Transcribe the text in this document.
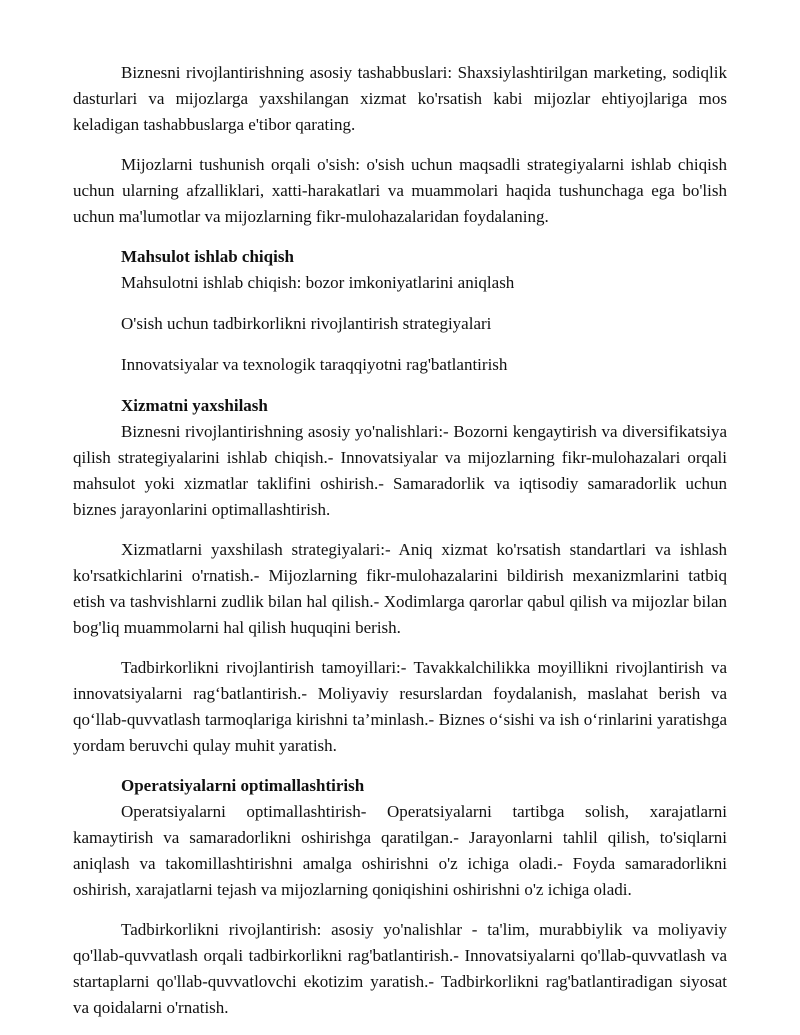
Biznesni rivojlantirishning asosiy tashabbuslari: Shaxsiylashtirilgan marketing, sodiqlik dasturlari va mijozlarga yaxshilangan xizmat ko'rsatish kabi mijozlar ehtiyojlariga mos keladigan tashabbuslarga e'tibor qarating.

Mijozlarni tushunish orqali o'sish: o'sish uchun maqsadli strategiyalarni ishlab chiqish uchun ularning afzalliklari, xatti-harakatlari va muammolari haqida tushunchaga ega bo'lish uchun ma'lumotlar va mijozlarning fikr-mulohazalaridan foydalaning.

Mahsulot ishlab chiqish
Mahsulotni ishlab chiqish: bozor imkoniyatlarini aniqlash
O'sish uchun tadbirkorlikni rivojlantirish strategiyalari
Innovatsiyalar va texnologik taraqqiyotni rag'batlantirish
Xizmatni yaxshilash

Biznesni rivojlantirishning asosiy yo'nalishlari:- Bozorni kengaytirish va diversifikatsiya qilish strategiyalarini ishlab chiqish.- Innovatsiyalar va mijozlarning fikr-mulohazalari orqali mahsulot yoki xizmatlar taklifini oshirish.- Samaradorlik va iqtisodiy samaradorlik uchun biznes jarayonlarini optimallashtirish.

Xizmatlarni yaxshilash strategiyalari:- Aniq xizmat ko'rsatish standartlari va ishlash ko'rsatkichlarini o'rnatish.- Mijozlarning fikr-mulohazalarini bildirish mexanizmlarini tatbiq etish va tashvishlarni zudlik bilan hal qilish.- Xodimlarga qarorlar qabul qilish va mijozlar bilan bog'liq muammolarni hal qilish huquqini berish.

Tadbirkorlikni rivojlantirish tamoyillari:- Tavakkalchilikka moyillikni rivojlantirish va innovatsiyalarni rag‘batlantirish.- Moliyaviy resurslardan foydalanish, maslahat berish va qo‘llab-quvvatlash tarmoqlariga kirishni ta’minlash.- Biznes o‘sishi va ish o‘rinlarini yaratishga yordam beruvchi qulay muhit yaratish.

Operatsiyalarni optimallashtirish

Operatsiyalarni optimallashtirish- Operatsiyalarni tartibga solish, xarajatlarni kamaytirish va samaradorlikni oshirishga qaratilgan.- Jarayonlarni tahlil qilish, to'siqlarni aniqlash va takomillashtirishni amalga oshirishni o'z ichiga oladi.- Foyda samaradorlikni oshirish, xarajatlarni tejash va mijozlarning qoniqishini oshirishni o'z ichiga oladi.

Tadbirkorlikni rivojlantirish: asosiy yo'nalishlar - ta'lim, murabbiylik va moliyaviy qo'llab-quvvatlash orqali tadbirkorlikni rag'batlantirish.- Innovatsiyalarni qo'llab-quvvatlash va startaplarni qo'llab-quvvatlovchi ekotizim yaratish.- Tadbirkorlikni rag'batlantiradigan siyosat va qoidalarni o'rnatish.
